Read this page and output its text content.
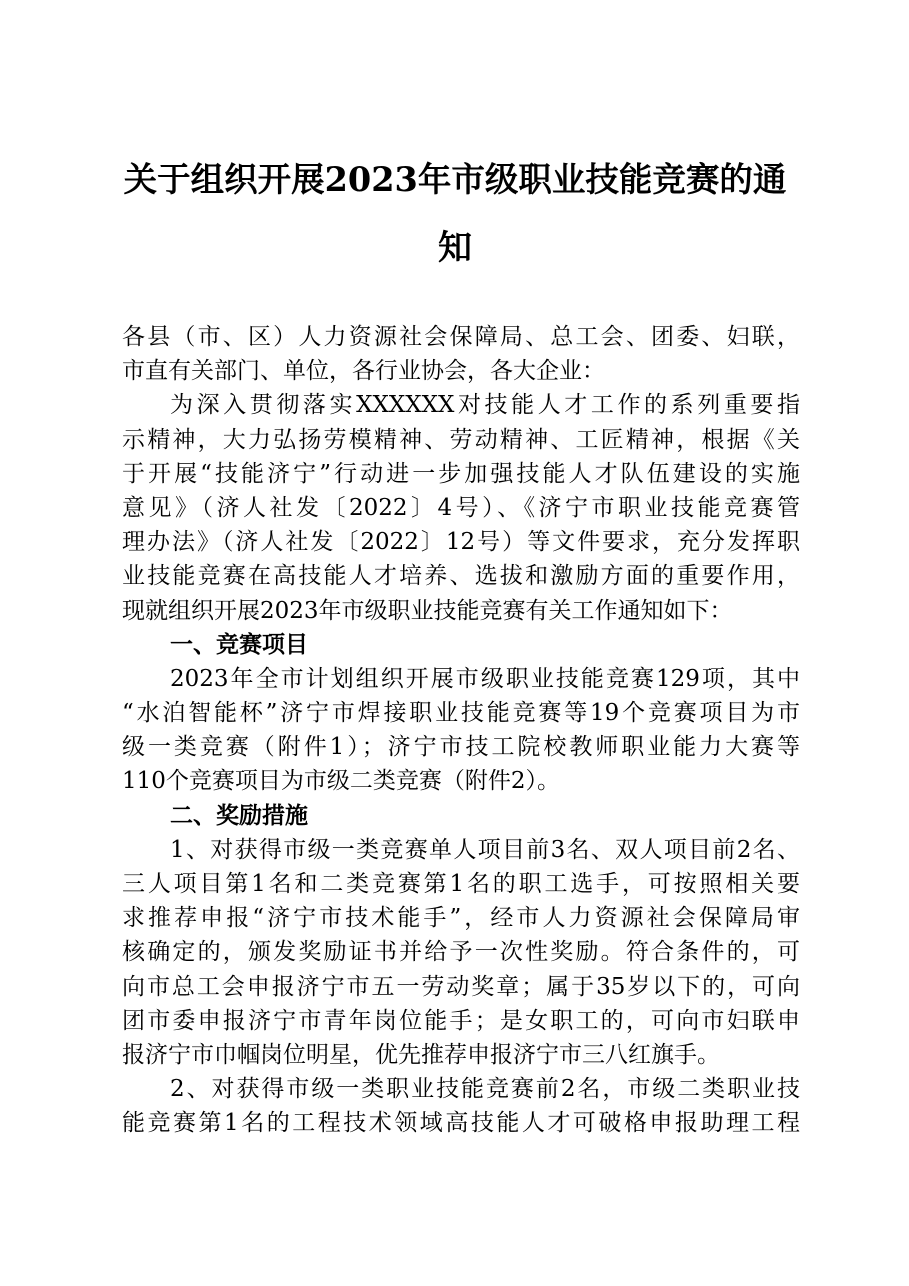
关于组织开展2023年市级职业技能竞赛的通
知
各县（市、区）人力资源社会保障局、总工会、团委、妇联，
市直有关部门、单位，各行业协会，各大企业：
为深入贯彻落实XXXXXX对技能人才工作的系列重要指
示精神，大力弘扬劳模精神、劳动精神、工匠精神，根据《关
于开展“技能济宁”行动进一步加强技能人才队伍建设的实施
意见》（济人社发〔2022〕4号）、《济宁市职业技能竞赛管
理办法》（济人社发〔2022〕12号）等文件要求，充分发挥职
业技能竞赛在高技能人才培养、选拔和激励方面的重要作用，
现就组织开展2023年市级职业技能竞赛有关工作通知如下：
一、竞赛项目
2023年全市计划组织开展市级职业技能竞赛129项，其中
“水泊智能杯”济宁市焊接职业技能竞赛等19个竞赛项目为市
级一类竞赛（附件1）；济宁市技工院校教师职业能力大赛等
110个竞赛项目为市级二类竞赛（附件2）。
二、奖励措施
1、对获得市级一类竞赛单人项目前3名、双人项目前2名、
三人项目第1名和二类竞赛第1名的职工选手，可按照相关要
求推荐申报“济宁市技术能手”，经市人力资源社会保障局审
核确定的，颁发奖励证书并给予一次性奖励。符合条件的，可
向市总工会申报济宁市五一劳动奖章；属于35岁以下的，可向
团市委申报济宁市青年岗位能手；是女职工的，可向市妇联申
报济宁市巾帼岗位明星，优先推荐申报济宁市三八红旗手。
2、对获得市级一类职业技能竞赛前2名，市级二类职业技
能竞赛第1名的工程技术领域高技能人才可破格申报助理工程
